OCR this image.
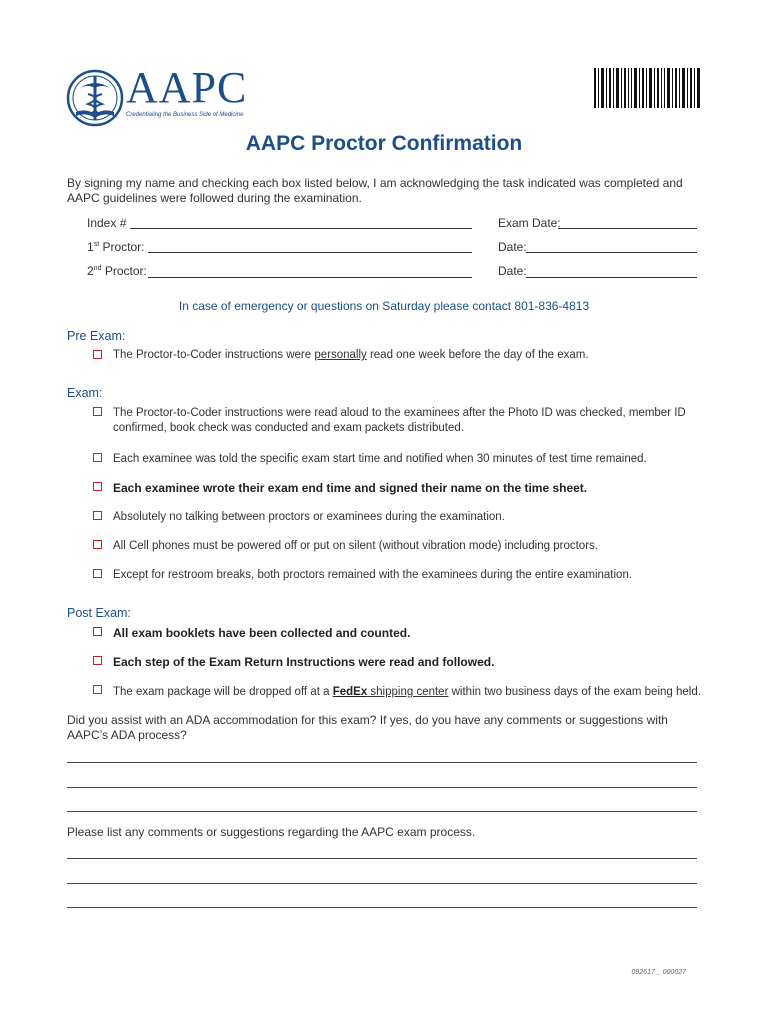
AAPC
Credentialing the Business Side of Medicine
AAPC Proctor Confirmation
By signing my name and checking each box listed below, I am acknowledging the task indicated was completed and AAPC guidelines were followed during the examination.
Index #	Exam Date:
1st Proctor:	Date:
2nd Proctor:	Date:
In case of emergency or questions on Saturday please contact 801-836-4813
Pre Exam:
The Proctor-to-Coder instructions were personally read one week before the day of the exam.
Exam:
The Proctor-to-Coder instructions were read aloud to the examinees after the Photo ID was checked, member ID confirmed, book check was conducted and exam packets distributed.
Each examinee was told the specific exam start time and notified when 30 minutes of test time remained.
Each examinee wrote their exam end time and signed their name on the time sheet.
Absolutely no talking between proctors or examinees during the examination.
All Cell phones must be powered off or put on silent (without vibration mode) including proctors.
Except for restroom breaks, both proctors remained with the examinees during the entire examination.
Post Exam:
All exam booklets have been collected and counted.
Each step of the Exam Return Instructions were read and followed.
The exam package will be dropped off at a FedEx shipping center within two business days of the exam being held.
Did you assist with an ADA accommodation for this exam? If yes, do you have any comments or suggestions with AAPC’s ADA process?
Please list any comments or suggestions regarding the AAPC exam process.
092617 _ 000027
